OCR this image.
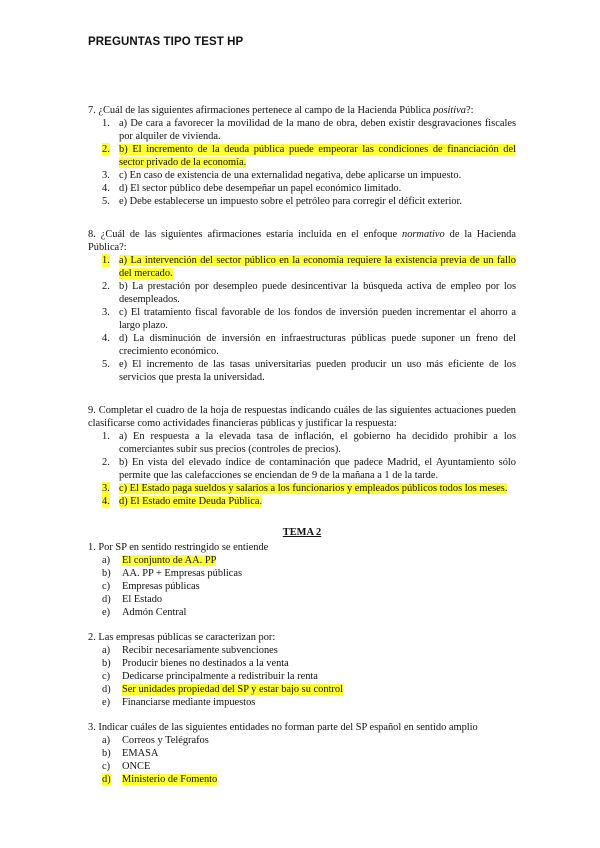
PREGUNTAS TIPO TEST HP
7. ¿Cuál de las siguientes afirmaciones pertenece al campo de la Hacienda Pública positiva?:
1. a) De cara a favorecer la movilidad de la mano de obra, deben existir desgravaciones fiscales por alquiler de vivienda.
2. b) El incremento de la deuda pública puede empeorar las condiciones de financiación del sector privado de la economía.
3. c) En caso de existencia de una externalidad negativa, debe aplicarse un impuesto.
4. d) El sector público debe desempeñar un papel económico limitado.
5. e) Debe establecerse un impuesto sobre el petróleo para corregir el déficit exterior.
8. ¿Cuál de las siguientes afirmaciones estaría incluida en el enfoque normativo de la Hacienda Pública?:
1. a) La intervención del sector público en la economía requiere la existencia previa de un fallo del mercado.
2. b) La prestación por desempleo puede desincentivar la búsqueda activa de empleo por los desempleados.
3. c) El tratamiento fiscal favorable de los fondos de inversión pueden incrementar el ahorro a largo plazo.
4. d) La disminución de inversión en infraestructuras públicas puede suponer un freno del crecimiento económico.
5. e) El incremento de las tasas universitarias pueden producir un uso más eficiente de los servicios que presta la universidad.
9. Completar el cuadro de la hoja de respuestas indicando cuáles de las siguientes actuaciones pueden clasificarse como actividades financieras públicas y justificar la respuesta:
1. a) En respuesta a la elevada tasa de inflación, el gobierno ha decidido prohibir a los comerciantes subir sus precios (controles de precios).
2. b) En vista del elevado índice de contaminación que padece Madrid, el Ayuntamiento sólo permite que las calefacciones se enciendan de 9 de la mañana a 1 de la tarde.
3. c) El Estado paga sueldos y salarios a los funcionarios y empleados públicos todos los meses.
4. d) El Estado emite Deuda Pública.
TEMA 2
1. Por SP en sentido restringido se entiende
a) El conjunto de AA. PP
b) AA. PP + Empresas públicas
c) Empresas públicas
d) El Estado
e) Admón Central
2. Las empresas públicas se caracterizan por:
a) Recibir necesariamente subvenciones
b) Producir bienes no destinados a la venta
c) Dedicarse principalmente a redistribuir la renta
d) Ser unidades propiedad del SP y estar bajo su control
e) Financiarse mediante impuestos
3. Indicar cuáles de las siguientes entidades no forman parte del SP español en sentido amplio
a) Correos y Telégrafos
b) EMASA
c) ONCE
d) Ministerio de Fomento
